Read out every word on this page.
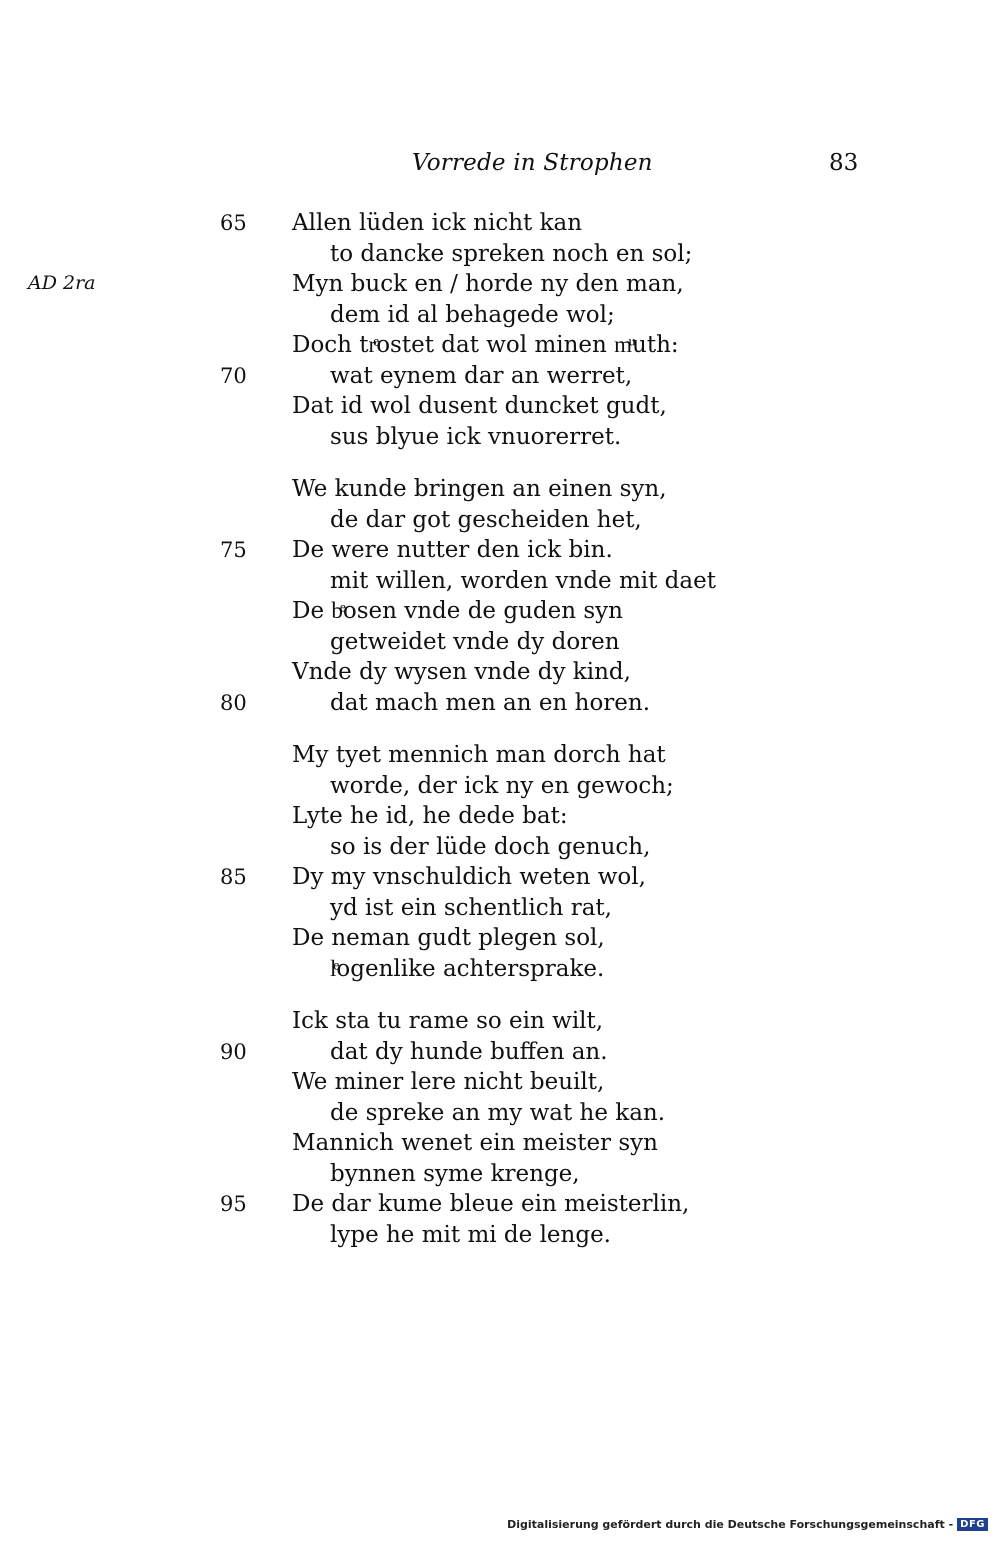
Vorrede in Strophen	83
AD 2ra
65	Allen lüden ick nicht kan
to dancke spreken noch en sol;
Myn buck en / horde ny den man,
dem id al behagede wol;
Doch trͤostet dat wol minen mͧuth:
70	wat eynem dar an werret,
Dat id wol dusent duncket gudt,
sus blyue ick vnuorerret.
We kunde bringen an einen syn,
de dar got gescheiden het,
75	De were nutter den ick bin.
mit willen, worden vnde mit daet
De bͤosen vnde de guden syn
getweidet vnde dy doren
Vnde dy wysen vnde dy kind,
80	dat mach men an en horen.
My tyet mennich man dorch hat
worde, der ick ny en gewoch;
Lyte he id, he dede bat:
so is der lüde doch genuch,
85	Dy my vnschuldich weten wol,
yd ist ein schentlich rat,
De neman gudt plegen sol,
lͤogenlike achtersprake.
Ick sta tu rame so ein wilt,
90	dat dy hunde buffen an.
We miner lere nicht beuilt,
de spreke an my wat he kan.
Mannich wenet ein meister syn
bynnen syme krenge,
95	De dar kume bleue ein meisterlin,
lype he mit mi de lenge.
Digitalisierung gefördert durch die Deutsche Forschungsgemeinschaft - DFG
